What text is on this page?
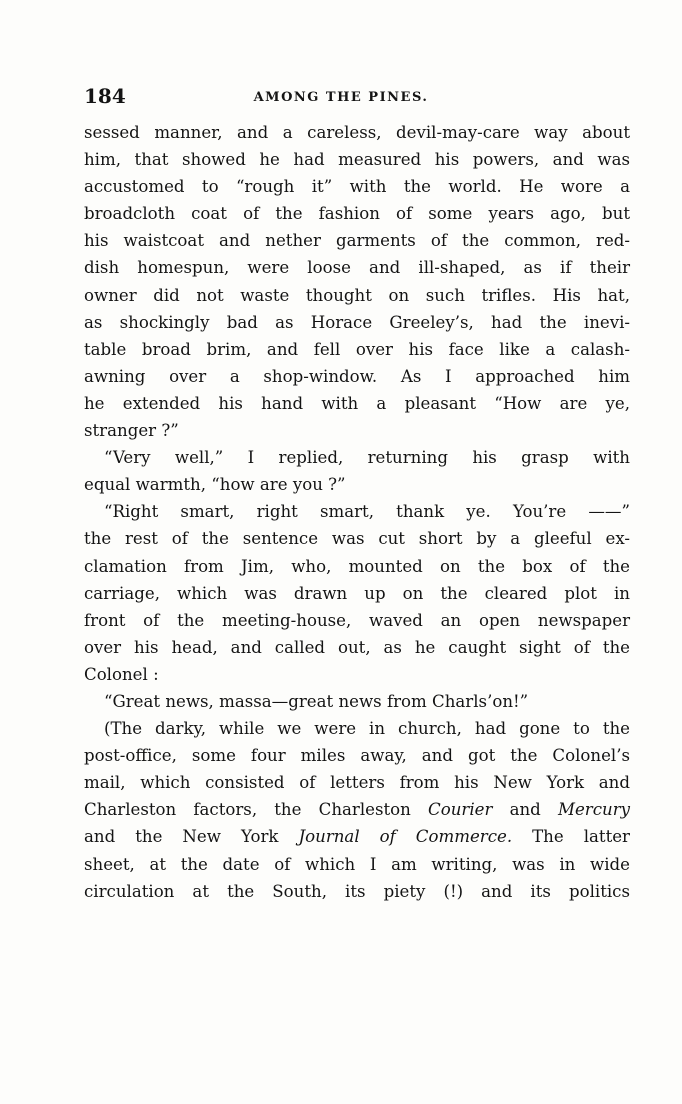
184	AMONG THE PINES.
sessed manner, and a careless, devil-may-care way about
him, that showed he had measured his powers, and was
accustomed to “rough it” with the world. He wore a
broadcloth coat of the fashion of some years ago, but
his waistcoat and nether garments of the common, red-
dish homespun, were loose and ill-shaped, as if their
owner did not waste thought on such trifles. His hat,
as shockingly bad as Horace Greeley’s, had the inevi-
table broad brim, and fell over his face like a calash-
awning over a shop-window. As I approached him
he extended his hand with a pleasant “How are ye,
stranger ?”
“Very well,” I replied, returning his grasp with
equal warmth, “how are you ?”
“Right smart, right smart, thank ye. You’re ——”
the rest of the sentence was cut short by a gleeful ex-
clamation from Jim, who, mounted on the box of the
carriage, which was drawn up on the cleared plot in
front of the meeting-house, waved an open newspaper
over his head, and called out, as he caught sight of the
Colonel :
“Great news, massa—great news from Charls’on!”
(The darky, while we were in church, had gone to the
post-office, some four miles away, and got the Colonel’s
mail, which consisted of letters from his New York and
Charleston factors, the Charleston Courier and Mercury
and the New York Journal of Commerce. The latter
sheet, at the date of which I am writing, was in wide
circulation at the South, its piety (!) and its politics
